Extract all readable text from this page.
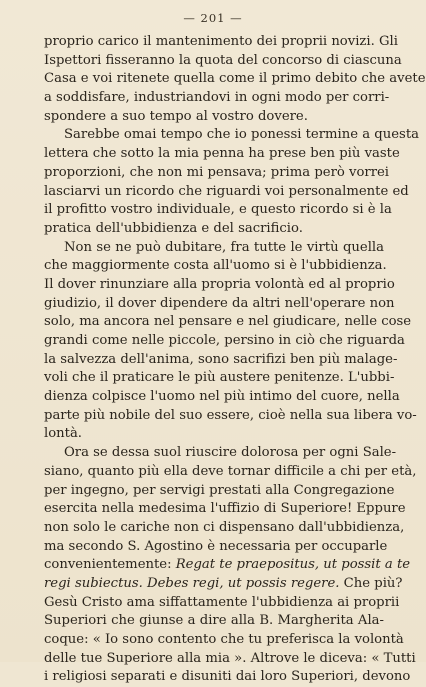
— 201 —
proprio carico il mantenimento dei proprii novizi. Gli
Ispettori fisseranno la quota del concorso di ciascuna
Casa e voi ritenete quella come il primo debito che avete
a soddisfare, industriandovi in ogni modo per corri-
spondere a suo tempo al vostro dovere.
Sarebbe omai tempo che io ponessi termine a questa
lettera che sotto la mia penna ha prese ben più vaste
proporzioni, che non mi pensava; prima però vorrei
lasciarvi un ricordo che riguardi voi personalmente ed
il profitto vostro individuale, e questo ricordo si è la
pratica dell'ubbidienza e del sacrificio.
Non se ne può dubitare, fra tutte le virtù quella
che maggiormente costa all'uomo si è l'ubbidienza.
Il dover rinunziare alla propria volontà ed al proprio
giudizio, il dover dipendere da altri nell'operare non
solo, ma ancora nel pensare e nel giudicare, nelle cose
grandi come nelle piccole, persino in ciò che riguarda
la salvezza dell'anima, sono sacrifizi ben più malage-
voli che il praticare le più austere penitenze. L'ubbi-
dienza colpisce l'uomo nel più intimo del cuore, nella
parte più nobile del suo essere, cioè nella sua libera vo-
lontà.
Ora se dessa suol riuscire dolorosa per ogni Sale-
siano, quanto più ella deve tornar difficile a chi per età,
per ingegno, per servigi prestati alla Congregazione
esercita nella medesima l'uffizio di Superiore! Eppure
non solo le cariche non ci dispensano dall'ubbidienza,
ma secondo S. Agostino è necessaria per occuparle
convenientemente: Regat te praepositus, ut possit a te
regi subiectus. Debes regi, ut possis regere. Che più?
Gesù Cristo ama siffattamente l'ubbidienza ai proprii
Superiori che giunse a dire alla B. Margherita Ala-
coque: « Io sono contento che tu preferisca la volontà
delle tue Superiore alla mia ». Altrove le diceva: « Tutti
i religiosi separati e disuniti dai loro Superiori, devono
